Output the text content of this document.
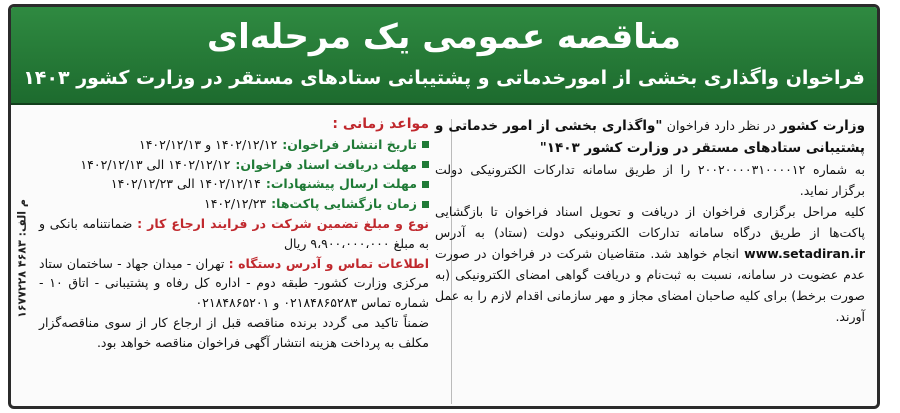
مناقصه عمومی یک مرحله‌ای
فراخوان واگذاری بخشی از امورخدماتی و پشتیبانی ستادهای مستقر در وزارت کشور ۱۴۰۳
۱۶۷۷۲۲۸ م الف: ۴۶۸۳

وزارت کشور در نظر دارد فراخوان "واگذاری بخشی از امور خدماتی و پشتیبانی ستادهای مستقر در وزارت کشور ۱۴۰۳"

به شماره ۲۰۰۲۰۰۰۰۳۱۰۰۰۰۱۲ را از طریق سامانه تدارکات الکترونیکی دولت برگزار نماید.

کلیه مراحل برگزاری فراخوان از دریافت و تحویل اسناد فراخوان تا بازگشایی پاکت‌ها از طریق درگاه سامانه تدارکات الکترونیکی دولت (ستاد) به آدرس www.setadiran.ir انجام خواهد شد. متقاضیان شرکت در فراخوان در صورت عدم عضویت در سامانه، نسبت به ثبت‌نام و دریافت گواهی امضای الکترونیکی (به صورت برخط) برای کلیه صاحبان امضای مجاز و مهر سازمانی اقدام لازم را به عمل آورند.

مواعد زمانی :
تاریخ انتشار فراخوان:
۱۴۰۲/۱۲/۱۲ و ۱۴۰۲/۱۲/۱۳
مهلت دریافت اسناد فراخوان:
۱۴۰۲/۱۲/۱۲ الی ۱۴۰۲/۱۲/۱۳
مهلت ارسال پیشنهادات:
۱۴۰۲/۱۲/۱۴ الی ۱۴۰۲/۱۲/۲۳
زمان بازگشایی پاکت‌ها:
۱۴۰۲/۱۲/۲۳

نوع و مبلغ تضمین شرکت در فرایند ارجاع کار : ضمانتنامه بانکی و به مبلغ ۹،۹۰۰،۰۰۰،۰۰۰ ریال

اطلاعات تماس و آدرس دستگاه : تهران - میدان جهاد - ساختمان ستاد مرکزی وزارت کشور- طبقه دوم - اداره کل رفاه و پشتیبانی - اتاق ۱۰ - شماره تماس ۰۲۱۸۴۸۶۵۲۸۳ و ۰۲۱۸۴۸۶۵۲۰۱

ضمناً تاکید می گردد برنده مناقصه قبل از ارجاع کار از سوی مناقصه‌گزار مکلف به پرداخت هزینه انتشار آگهی فراخوان مناقصه خواهد بود.
